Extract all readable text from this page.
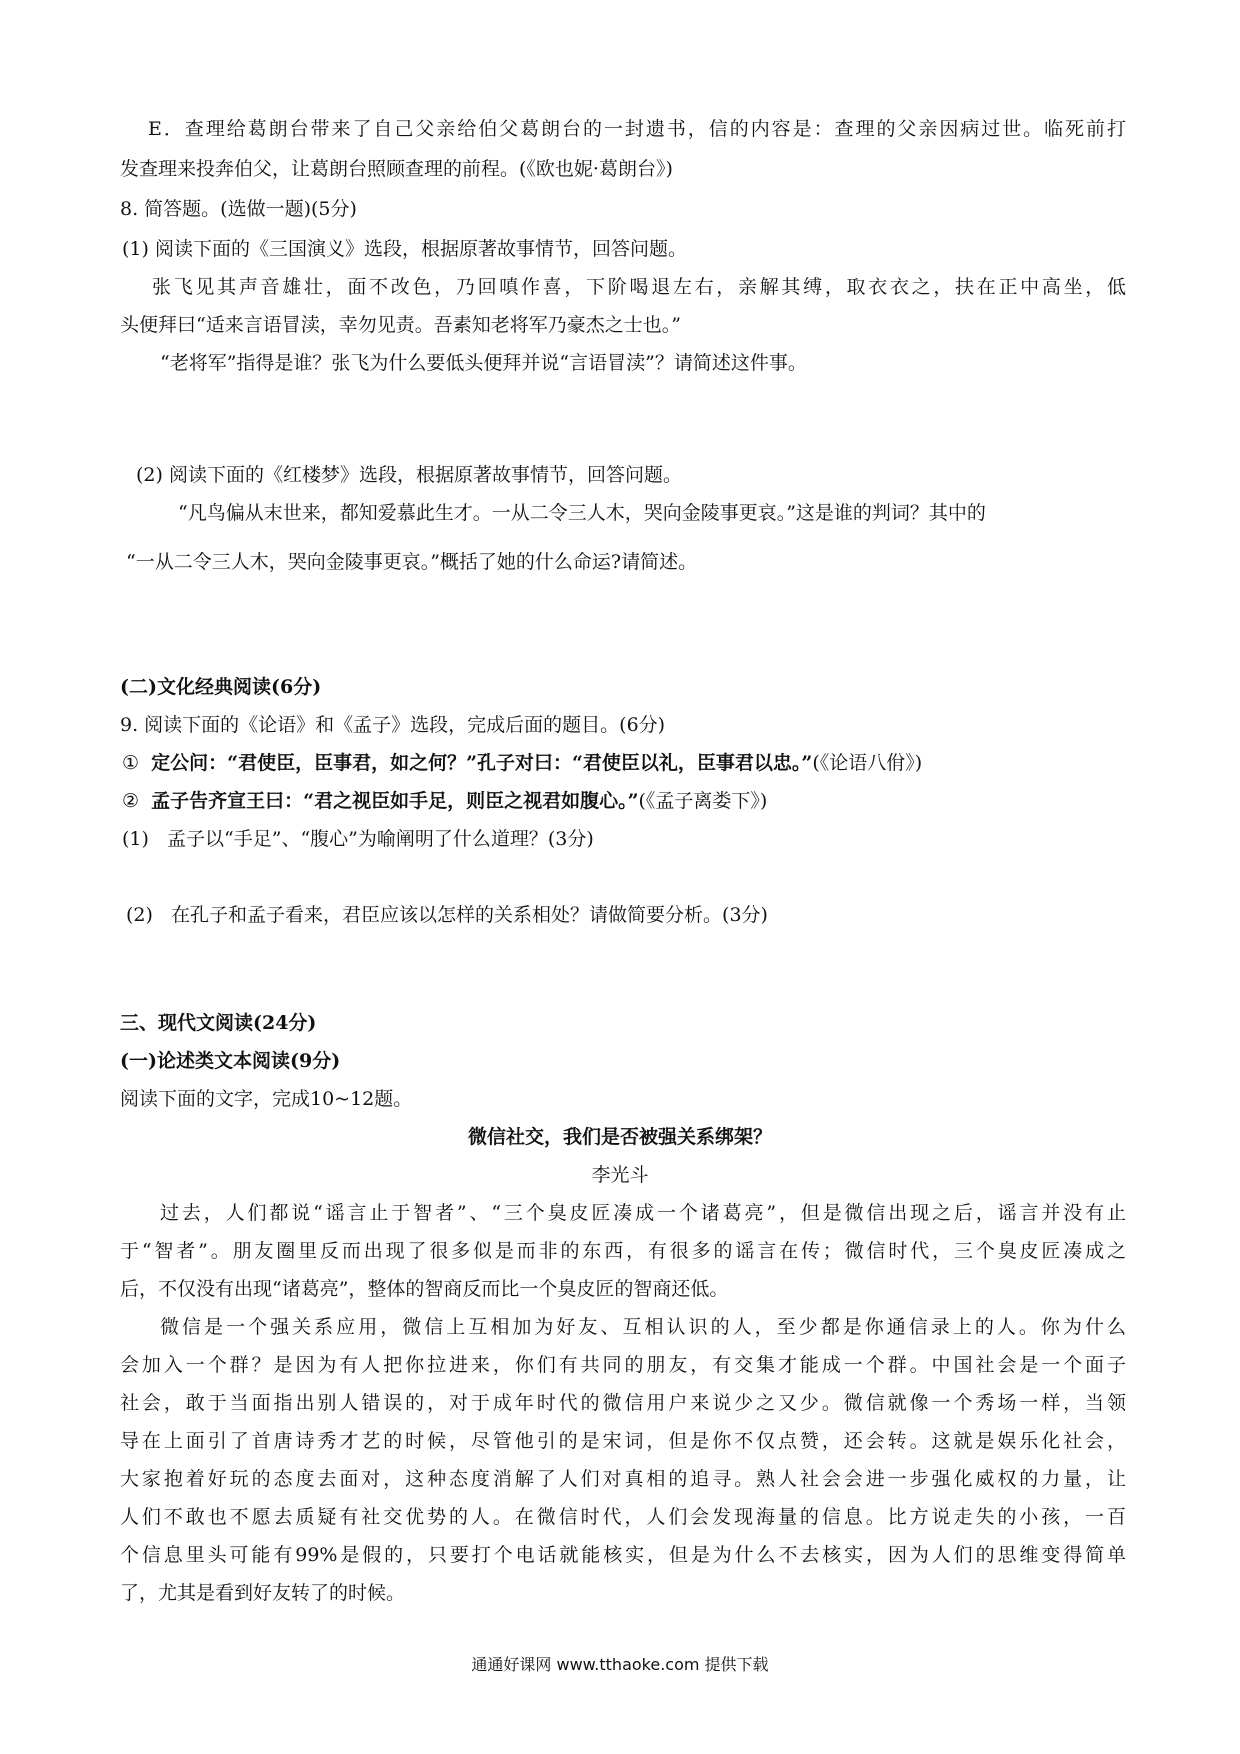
E．查理给葛朗台带来了自己父亲给伯父葛朗台的一封遗书，信的内容是：查理的父亲因病过世。临死前打
发查理来投奔伯父，让葛朗台照顾查理的前程。(《欧也妮·葛朗台》)
8. 简答题。(选做一题)(5分)
(1) 阅读下面的《三国演义》选段，根据原著故事情节，回答问题。
张飞见其声音雄壮，面不改色，乃回嗔作喜，下阶喝退左右，亲解其缚，取衣衣之，扶在正中高坐，低
头便拜曰“适来言语冒渎，幸勿见责。吾素知老将军乃豪杰之士也。”
“老将军”指得是谁？张飞为什么要低头便拜并说“言语冒渎”？请简述这件事。
(2) 阅读下面的《红楼梦》选段，根据原著故事情节，回答问题。
“凡鸟偏从末世来，都知爱慕此生才。一从二令三人木，哭向金陵事更哀。”这是谁的判词？其中的
“一从二令三人木，哭向金陵事更哀。”概括了她的什么命运?请简述。
(二)文化经典阅读(6分)
9. 阅读下面的《论语》和《孟子》选段，完成后面的题目。(6分)
① 定公问：“君使臣，臣事君，如之何？”孔子对曰：“君使臣以礼，臣事君以忠。”(《论语八佾》)
② 孟子告齐宣王曰：“君之视臣如手足，则臣之视君如腹心。”(《孟子离娄下》)
(1)   孟子以“手足”、“腹心”为喻阐明了什么道理？(3分)
(2)   在孔子和孟子看来，君臣应该以怎样的关系相处？请做简要分析。(3分)
三、现代文阅读(24分)
(一)论述类文本阅读(9分)
阅读下面的文字，完成10~12题。
微信社交，我们是否被强关系绑架？
李光斗
过去，人们都说“谣言止于智者”、“三个臭皮匠凑成一个诸葛亮”，但是微信出现之后，谣言并没有止
于“智者”。朋友圈里反而出现了很多似是而非的东西，有很多的谣言在传；微信时代，三个臭皮匠凑成之
后，不仅没有出现“诸葛亮”，整体的智商反而比一个臭皮匠的智商还低。
微信是一个强关系应用，微信上互相加为好友、互相认识的人，至少都是你通信录上的人。你为什么
会加入一个群？是因为有人把你拉进来，你们有共同的朋友，有交集才能成一个群。中国社会是一个面子
社会，敢于当面指出别人错误的，对于成年时代的微信用户来说少之又少。微信就像一个秀场一样，当领
导在上面引了首唐诗秀才艺的时候，尽管他引的是宋词，但是你不仅点赞，还会转。这就是娱乐化社会，
大家抱着好玩的态度去面对，这种态度消解了人们对真相的追寻。熟人社会会进一步强化威权的力量，让
人们不敢也不愿去质疑有社交优势的人。在微信时代，人们会发现海量的信息。比方说走失的小孩，一百
个信息里头可能有99%是假的，只要打个电话就能核实，但是为什么不去核实，因为人们的思维变得简单
了，尤其是看到好友转了的时候。
通通好课网 www.tthaoke.com 提供下载
